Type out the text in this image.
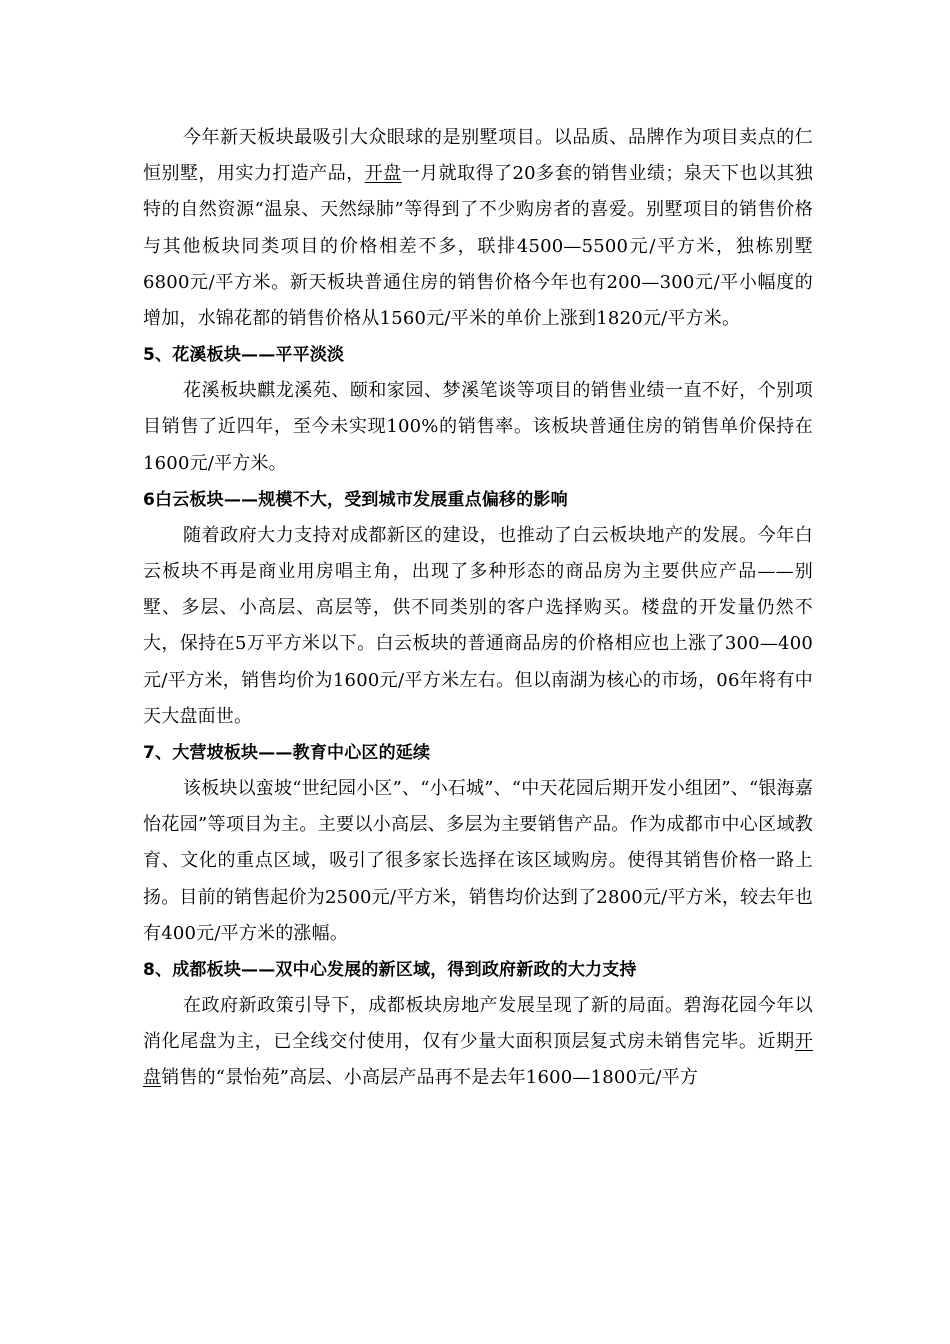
今年新天板块最吸引大众眼球的是别墅项目。以品质、品牌作为项目卖点的仁恒别墅，用实力打造产品，开盘一月就取得了20多套的销售业绩；泉天下也以其独特的自然资源“温泉、天然绿肺”等得到了不少购房者的喜爱。别墅项目的销售价格与其他板块同类项目的价格相差不多，联排4500—5500元/平方米，独栋别墅6800元/平方米。新天板块普通住房的销售价格今年也有200—300元/平小幅度的增加，水锦花都的销售价格从1560元/平米的单价上涨到1820元/平方米。

5、花溪板块——平平淡淡

花溪板块麒龙溪苑、颐和家园、梦溪笔谈等项目的销售业绩一直不好，个别项目销售了近四年，至今未实现100%的销售率。该板块普通住房的销售单价保持在1600元/平方米。

6白云板块——规模不大，受到城市发展重点偏移的影响

随着政府大力支持对成都新区的建设，也推动了白云板块地产的发展。今年白云板块不再是商业用房唱主角，出现了多种形态的商品房为主要供应产品——别墅、多层、小高层、高层等，供不同类别的客户选择购买。楼盘的开发量仍然不大，保持在5万平方米以下。白云板块的普通商品房的价格相应也上涨了300—400元/平方米，销售均价为1600元/平方米左右。但以南湖为核心的市场，06年将有中天大盘面世。

7、大营坡板块——教育中心区的延续

该板块以蛮坡“世纪园小区”、“小石城”、“中天花园后期开发小组团”、“银海嘉怡花园”等项目为主。主要以小高层、多层为主要销售产品。作为成都市中心区域教育、文化的重点区域，吸引了很多家长选择在该区域购房。使得其销售价格一路上扬。目前的销售起价为2500元/平方米，销售均价达到了2800元/平方米，较去年也有400元/平方米的涨幅。

8、成都板块——双中心发展的新区域，得到政府新政的大力支持

在政府新政策引导下，成都板块房地产发展呈现了新的局面。碧海花园今年以消化尾盘为主，已全线交付使用，仅有少量大面积顶层复式房未销售完毕。近期开盘销售的“景怡苑”高层、小高层产品再不是去年1600—1800元/平方
